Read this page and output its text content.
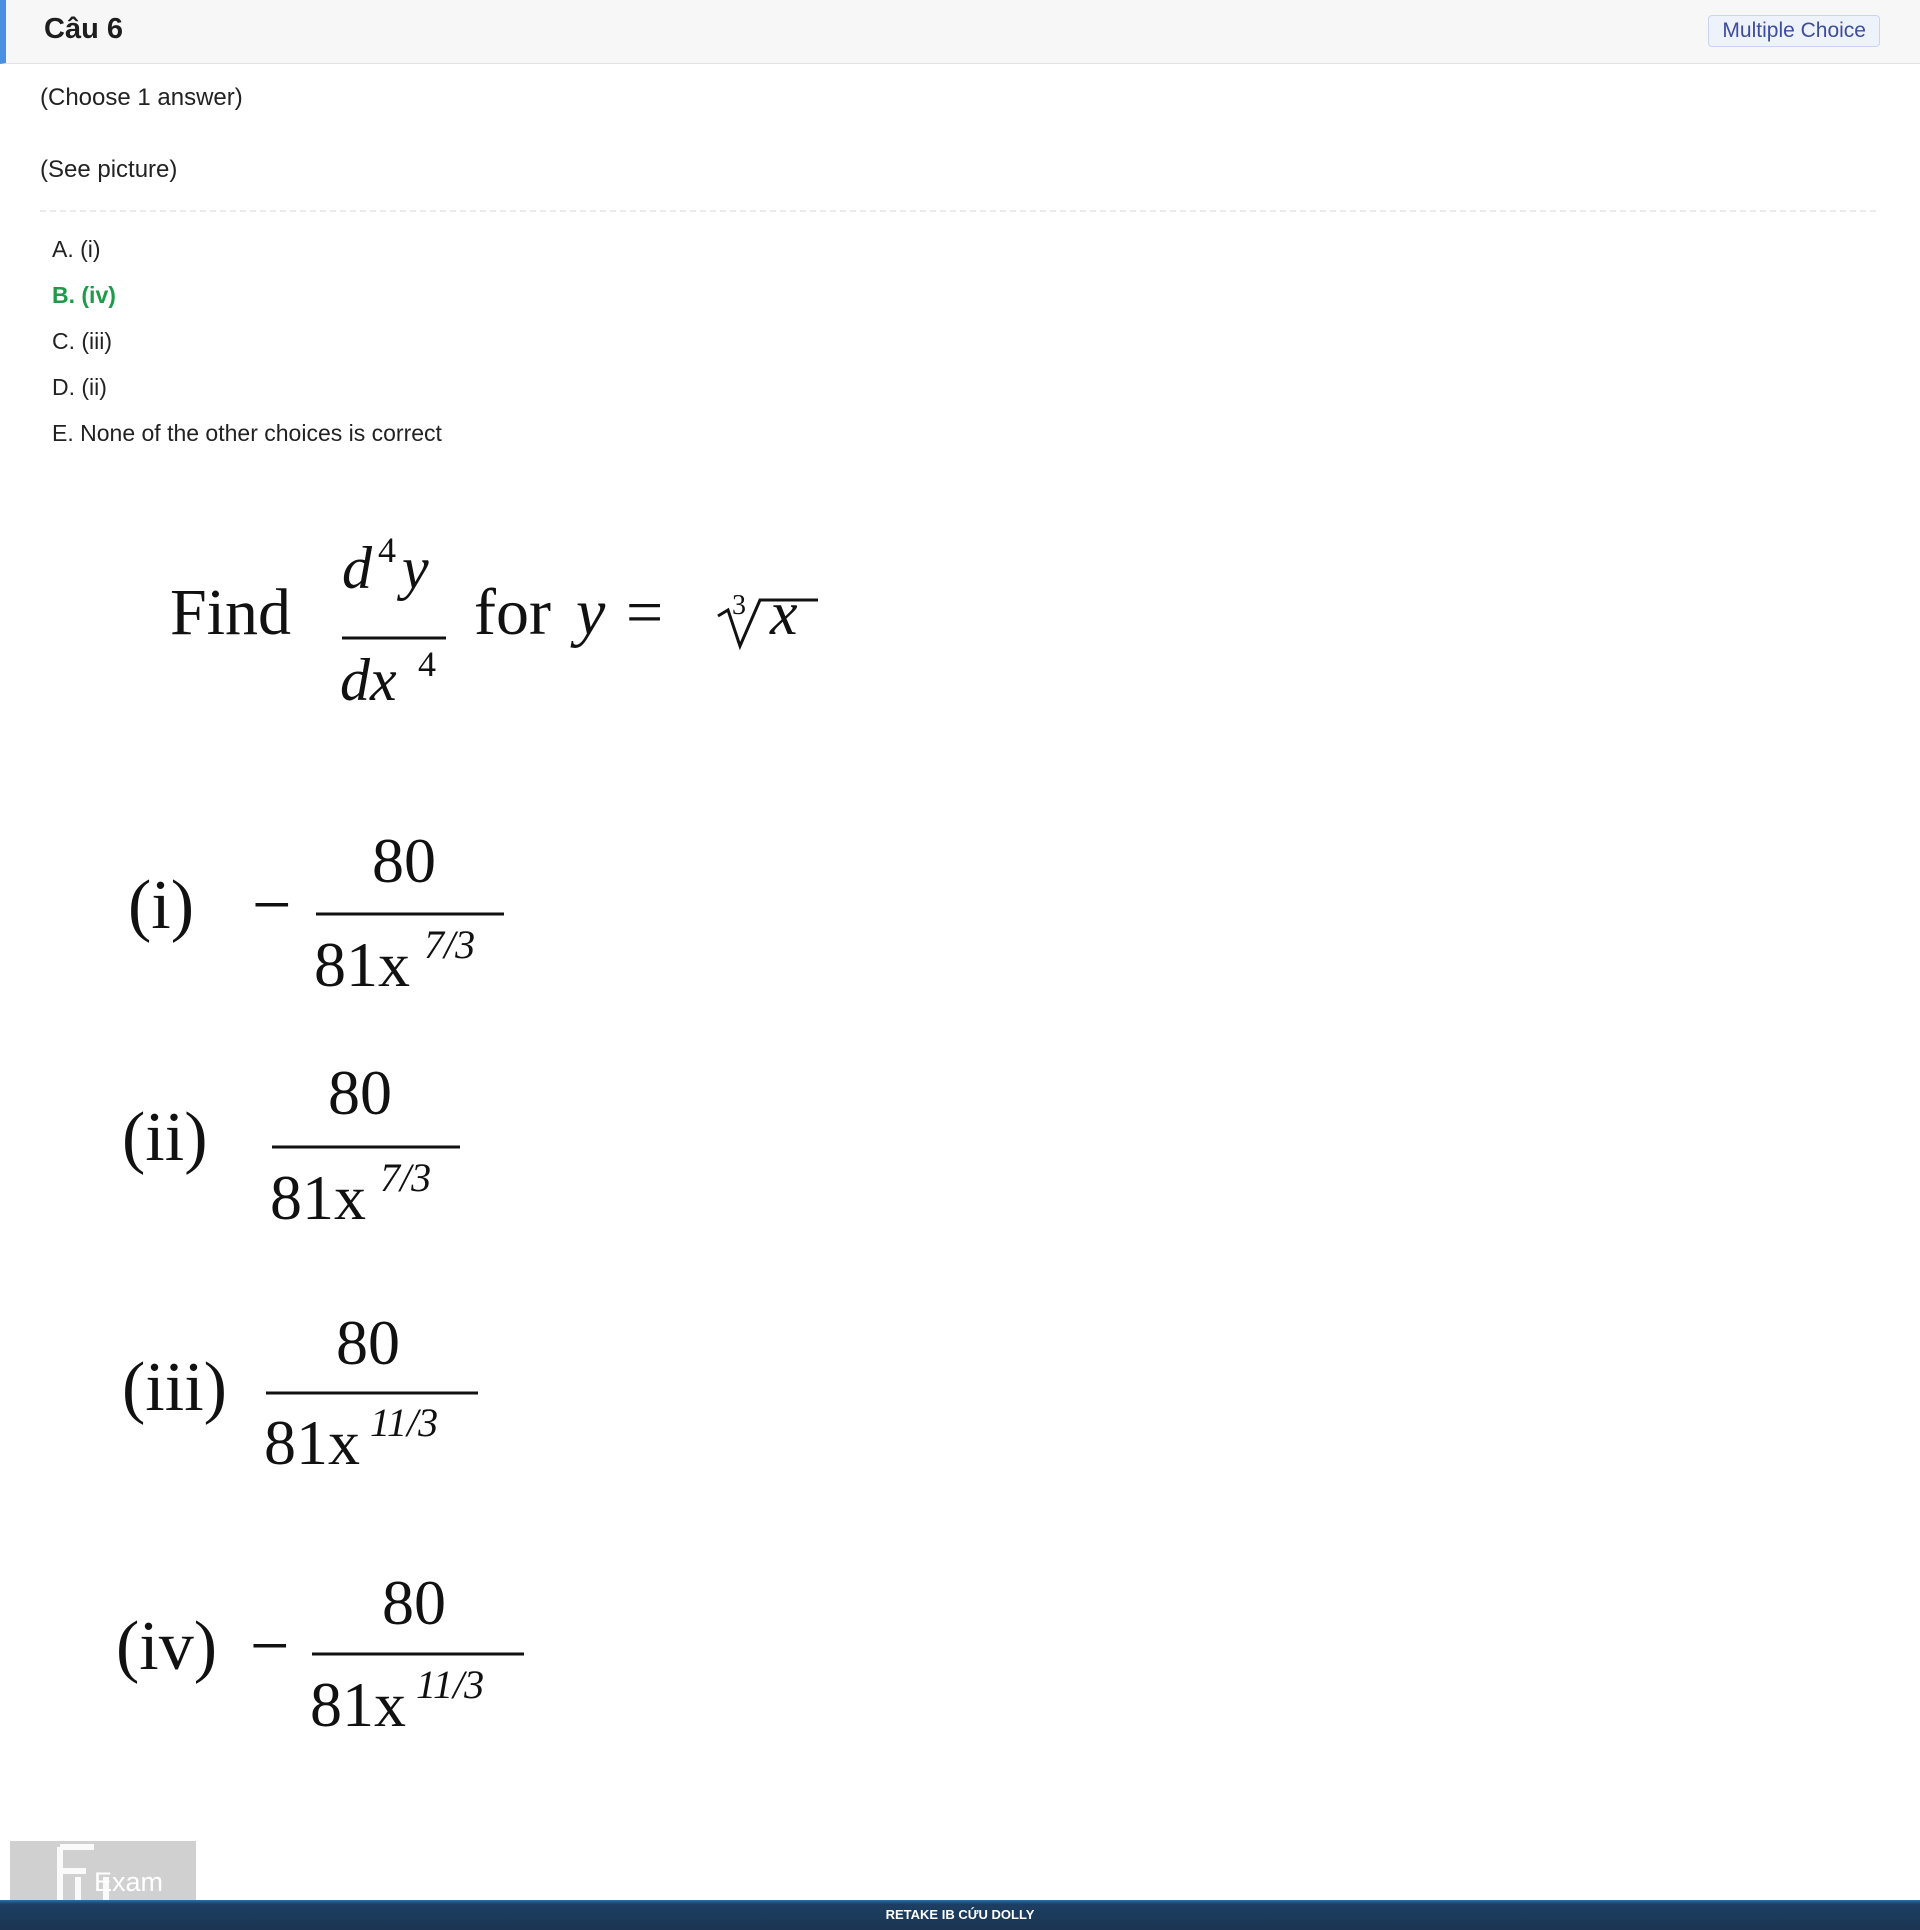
Câu 6	Multiple Choice
(Choose 1 answer)
(See picture)
A. (i)
B. (iv)
C. (iii)
D. (ii)
E. None of the other choices is correct
Find
d 4 y
dx 4
for y = 3 x
(i) −
80
81x 7/3
(ii)
80
81x 7/3
(iii)
80
81x 11/3
(iv) −
80
81x 11/3
Exam
RETAKE IB CỨU DOLLY
